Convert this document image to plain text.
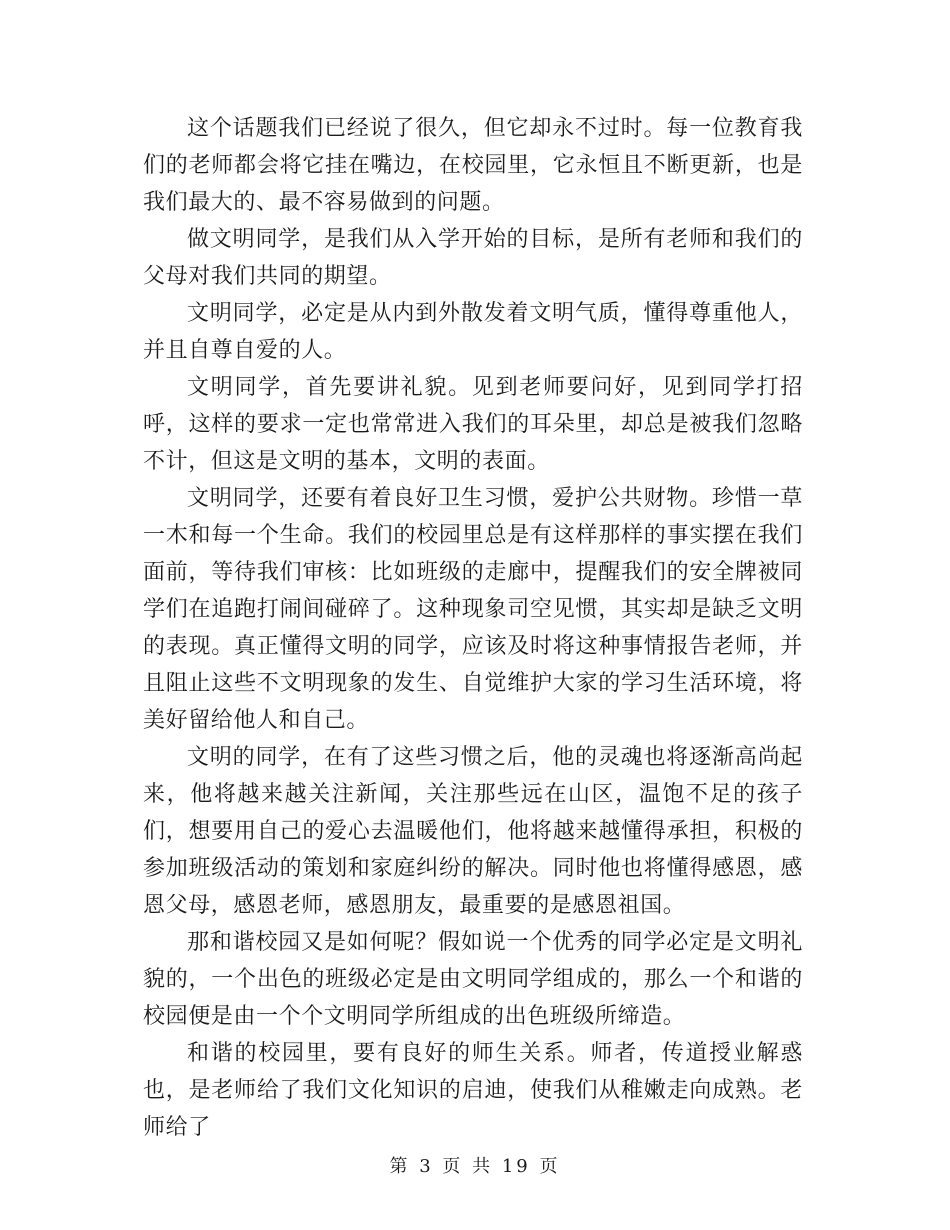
这个话题我们已经说了很久，但它却永不过时。每一位教育我们的老师都会将它挂在嘴边，在校园里，它永恒且不断更新，也是我们最大的、最不容易做到的问题。

做文明同学，是我们从入学开始的目标，是所有老师和我们的父母对我们共同的期望。

文明同学，必定是从内到外散发着文明气质，懂得尊重他人，并且自尊自爱的人。

文明同学，首先要讲礼貌。见到老师要问好，见到同学打招呼，这样的要求一定也常常进入我们的耳朵里，却总是被我们忽略不计，但这是文明的基本，文明的表面。

文明同学，还要有着良好卫生习惯，爱护公共财物。珍惜一草一木和每一个生命。我们的校园里总是有这样那样的事实摆在我们面前，等待我们审核：比如班级的走廊中，提醒我们的安全牌被同学们在追跑打闹间碰碎了。这种现象司空见惯，其实却是缺乏文明的表现。真正懂得文明的同学，应该及时将这种事情报告老师，并且阻止这些不文明现象的发生、自觉维护大家的学习生活环境，将美好留给他人和自己。

文明的同学，在有了这些习惯之后，他的灵魂也将逐渐高尚起来，他将越来越关注新闻，关注那些远在山区，温饱不足的孩子们，想要用自己的爱心去温暖他们，他将越来越懂得承担，积极的参加班级活动的策划和家庭纠纷的解决。同时他也将懂得感恩，感恩父母，感恩老师，感恩朋友，最重要的是感恩祖国。

那和谐校园又是如何呢？假如说一个优秀的同学必定是文明礼貌的，一个出色的班级必定是由文明同学组成的，那么一个和谐的校园便是由一个个文明同学所组成的出色班级所缔造。

和谐的校园里，要有良好的师生关系。师者，传道授业解惑也，是老师给了我们文化知识的启迪，使我们从稚嫩走向成熟。老师给了

第 3 页 共 19 页
